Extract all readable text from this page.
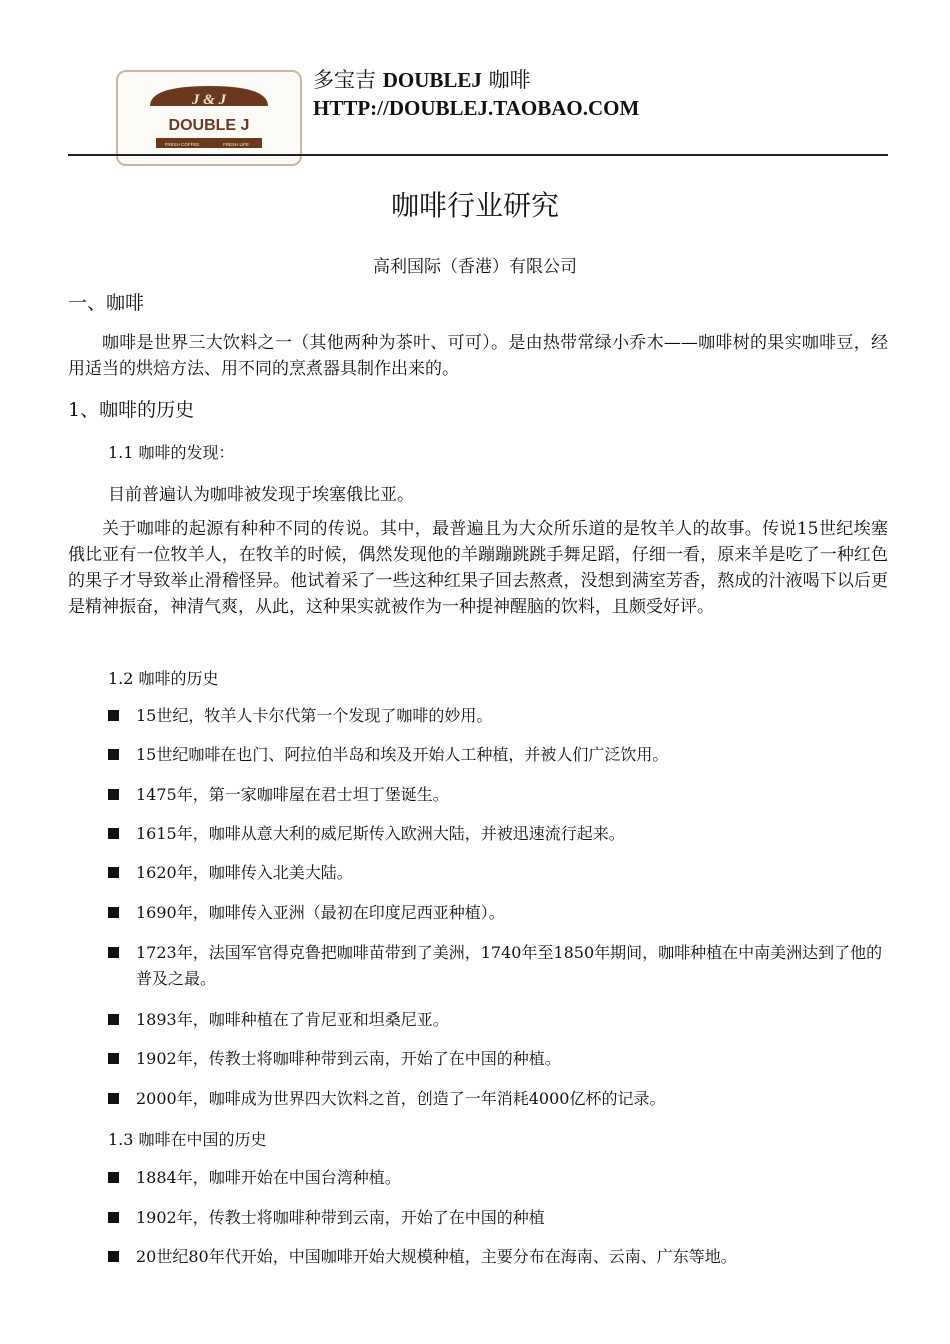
J & J
DOUBLE J
FRESH COFFEE	FRESH LIFE
多宝吉 DOUBLEJ 咖啡
HTTP://DOUBLEJ.TAOBAO.COM
咖啡行业研究
高利国际（香港）有限公司
一、咖啡
咖啡是世界三大饮料之一（其他两种为茶叶、可可）。是由热带常绿小乔木——咖啡树的果实咖啡豆，经用适当的烘焙方法、用不同的烹煮器具制作出来的。
1、咖啡的历史
1.1 咖啡的发现：
目前普遍认为咖啡被发现于埃塞俄比亚。
关于咖啡的起源有种种不同的传说。其中，最普遍且为大众所乐道的是牧羊人的故事。传说15世纪埃塞俄比亚有一位牧羊人，在牧羊的时候，偶然发现他的羊蹦蹦跳跳手舞足蹈，仔细一看，原来羊是吃了一种红色的果子才导致举止滑稽怪异。他试着采了一些这种红果子回去熬煮，没想到满室芳香，熬成的汁液喝下以后更是精神振奋，神清气爽，从此，这种果实就被作为一种提神醒脑的饮料，且颇受好评。
1.2 咖啡的历史
15世纪，牧羊人卡尔代第一个发现了咖啡的妙用。
15世纪咖啡在也门、阿拉伯半岛和埃及开始人工种植，并被人们广泛饮用。
1475年，第一家咖啡屋在君士坦丁堡诞生。
1615年，咖啡从意大利的威尼斯传入欧洲大陆，并被迅速流行起来。
1620年，咖啡传入北美大陆。
1690年，咖啡传入亚洲（最初在印度尼西亚种植）。
1723年，法国军官得克鲁把咖啡苗带到了美洲，1740年至1850年期间，咖啡种植在中南美洲达到了他的普及之最。
1893年，咖啡种植在了肯尼亚和坦桑尼亚。
1902年，传教士将咖啡种带到云南，开始了在中国的种植。
2000年，咖啡成为世界四大饮料之首，创造了一年消耗4000亿杯的记录。
1.3 咖啡在中国的历史
1884年，咖啡开始在中国台湾种植。
1902年，传教士将咖啡种带到云南，开始了在中国的种植
20世纪80年代开始，中国咖啡开始大规模种植，主要分布在海南、云南、广东等地。
